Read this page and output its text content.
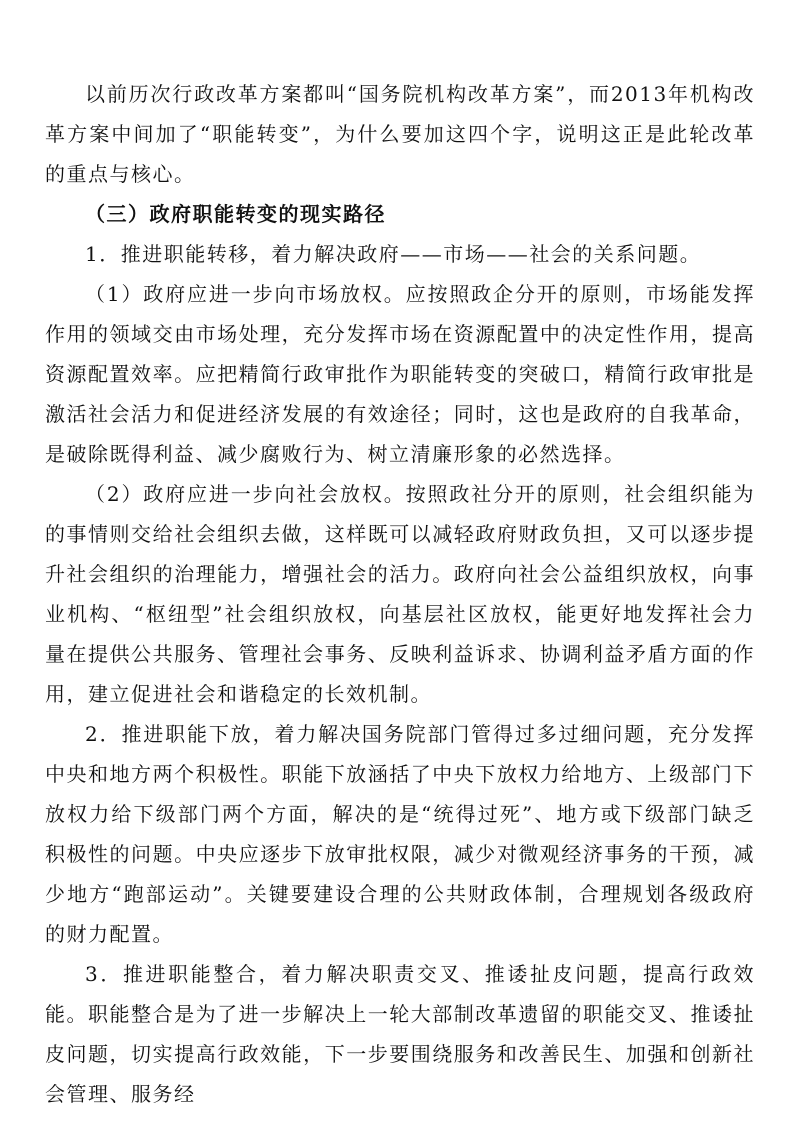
以前历次行政改革方案都叫“国务院机构改革方案”，而2013年机构改革方案中间加了“职能转变”，为什么要加这四个字，说明这正是此轮改革的重点与核心。

（三）政府职能转变的现实路径

1．推进职能转移，着力解决政府——市场——社会的关系问题。

（1）政府应进一步向市场放权。应按照政企分开的原则，市场能发挥作用的领域交由市场处理，充分发挥市场在资源配置中的决定性作用，提高资源配置效率。应把精简行政审批作为职能转变的突破口，精简行政审批是激活社会活力和促进经济发展的有效途径；同时，这也是政府的自我革命，是破除既得利益、减少腐败行为、树立清廉形象的必然选择。

（2）政府应进一步向社会放权。按照政社分开的原则，社会组织能为的事情则交给社会组织去做，这样既可以减轻政府财政负担，又可以逐步提升社会组织的治理能力，增强社会的活力。政府向社会公益组织放权，向事业机构、“枢纽型”社会组织放权，向基层社区放权，能更好地发挥社会力量在提供公共服务、管理社会事务、反映利益诉求、协调利益矛盾方面的作用，建立促进社会和谐稳定的长效机制。

2．推进职能下放，着力解决国务院部门管得过多过细问题，充分发挥中央和地方两个积极性。职能下放涵括了中央下放权力给地方、上级部门下放权力给下级部门两个方面，解决的是“统得过死”、地方或下级部门缺乏积极性的问题。中央应逐步下放审批权限，减少对微观经济事务的干预，减少地方“跑部运动”。关键要建设合理的公共财政体制，合理规划各级政府的财力配置。

3．推进职能整合，着力解决职责交叉、推诿扯皮问题，提高行政效能。职能整合是为了进一步解决上一轮大部制改革遗留的职能交叉、推诿扯皮问题，切实提高行政效能，下一步要围绕服务和改善民生、加强和创新社会管理、服务经
